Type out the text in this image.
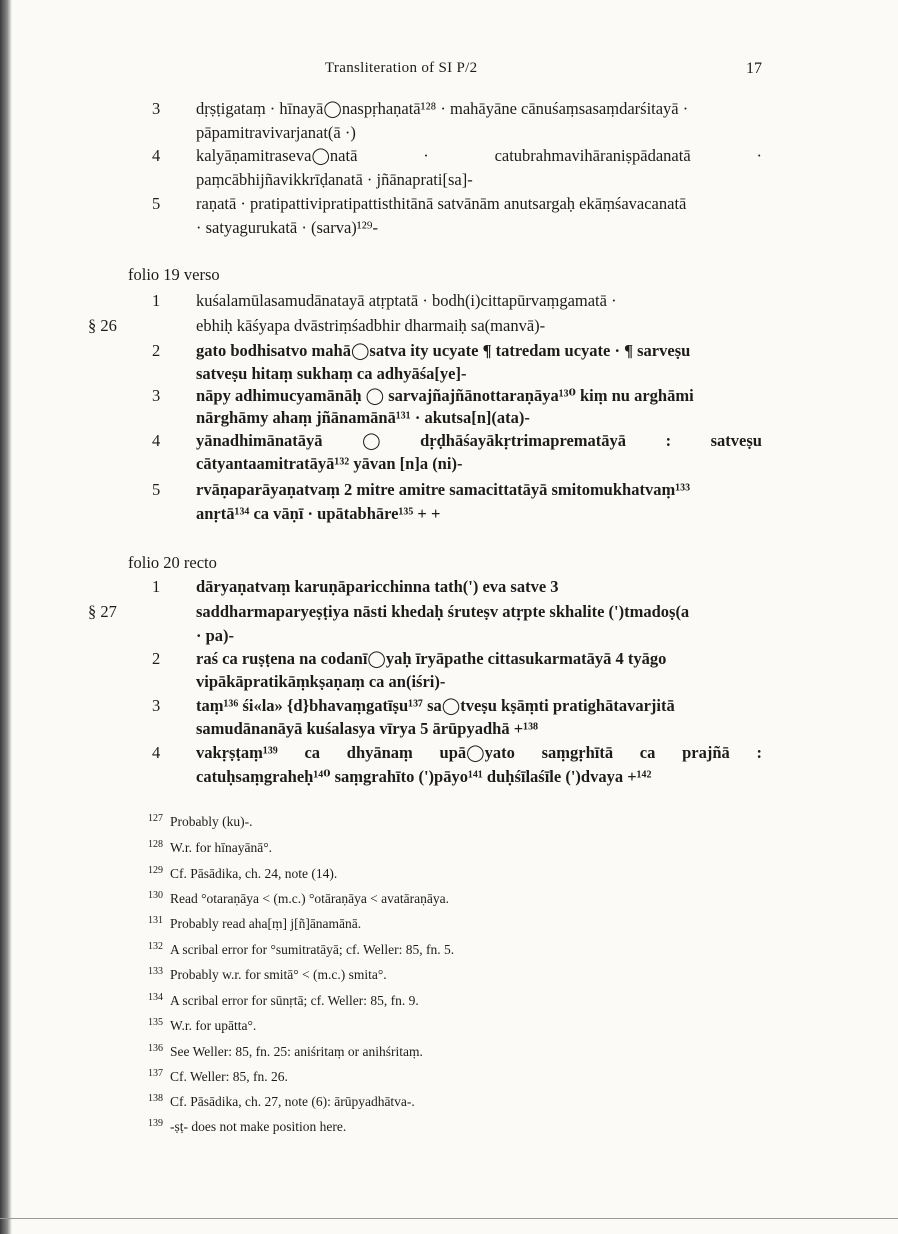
Transliteration of SI P/2	17
3 dṛṣṭigataṃ · hīnayā◯naspṛhaṇatā¹²⁸ · mahāyāne cānuśaṃsasaṃdarśitayā ·
pāpamitravivarjanat(ā ·)
4 kalyāṇamitraseva◯natā	·	catubrahmavihāraniṣpādanatā	·
paṃcābhijñavikkrīḍanatā · jñānaprati[sa]-
5 raṇatā · pratipattivipratipattisthitānā satvānām anutsargaḥ ekāṃśavacanatā
· satyagurukatā · (sarva)¹²⁹-
folio 19 verso
1 kuśalamūlasamudānatayā atṛptatā · bodh(i)cittapūrvaṃgamatā ·
§ 26	ebhiḥ kāśyapa dvāstriṃśadbhir dharmaiḥ sa(manvā)-
2 gato bodhisatvo mahā◯satva ity ucyate ¶ tatredam ucyate · ¶ sarveṣu
satveṣu hitaṃ sukhaṃ ca adhyāśa[ye]-
3 nāpy adhimucyamānāḥ ◯ sarvajñajñānottaraṇāya¹³⁰ kiṃ nu arghāmi
nārghāmy ahaṃ jñānamānā¹³¹ · akutsa[n](ata)-
4 yānadhimānatāyā ◯ dṛḍhāśayākṛtrimaprematāyā : satveṣu
cātyantaamitratāyā¹³² yāvan [n]a (ni)-
5 rvāṇaparāyaṇatvaṃ 2 mitre amitre samacittatāyā smitomukhatvaṃ¹³³
anṛtā¹³⁴ ca vāṇī · upātabhāre¹³⁵ + +
folio 20 recto
1 dāryaṇatvaṃ karuṇāparicchinna tath(') eva satve 3
§ 27	saddharmaparyeṣṭiya nāsti khedaḥ śruteṣv atṛpte skhalite (')tmadoṣ(a
· pa)-
2 raś ca ruṣṭena na codanī◯yaḥ īryāpathe cittasukarmatāyā 4 tyāgo
vipākāpratikāṃkṣaṇaṃ ca an(iśri)-
3 taṃ¹³⁶ śi«la» {d}bhavaṃgatīṣu¹³⁷ sa◯tveṣu kṣāṃti pratighātavarjitā
samudānanāyā kuśalasya vīrya 5 ārūpyadhā +¹³⁸
4 vakṛṣṭaṃ¹³⁹ ca dhyānaṃ upā◯yato saṃgṛhītā ca prajñā :
catuḥsaṃgraheḥ¹⁴⁰ saṃgrahīto (')pāyo¹⁴¹ duḥśīlaśīle (')dvaya +¹⁴²
127 Probably (ku)-.
128 W.r. for hīnayānā°.
129 Cf. Pāsādika, ch. 24, note (14).
130 Read °otaraṇāya < (m.c.) °otāraṇāya < avatāraṇāya.
131 Probably read aha[ṃ] j[ñ]ānamānā.
132 A scribal error for °sumitratāyā; cf. Weller: 85, fn. 5.
133 Probably w.r. for smitā° < (m.c.) smita°.
134 A scribal error for sūnṛtā; cf. Weller: 85, fn. 9.
135 W.r. for upātta°.
136 See Weller: 85, fn. 25: aniśritaṃ or anihśritaṃ.
137 Cf. Weller: 85, fn. 26.
138 Cf. Pāsādika, ch. 27, note (6): ārūpyadhātva-.
139 -ṣṭ- does not make position here.
